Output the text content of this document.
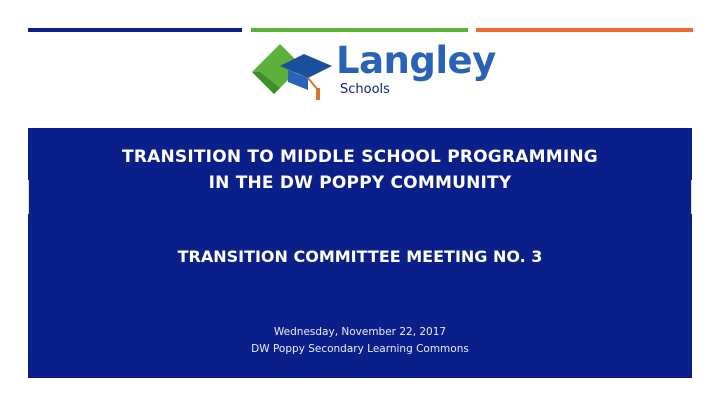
Langley
Schools
TRANSITION TO MIDDLE SCHOOL PROGRAMMING
IN THE DW POPPY COMMUNITY
TRANSITION COMMITTEE MEETING NO. 3
Wednesday, November 22, 2017
DW Poppy Secondary Learning Commons
